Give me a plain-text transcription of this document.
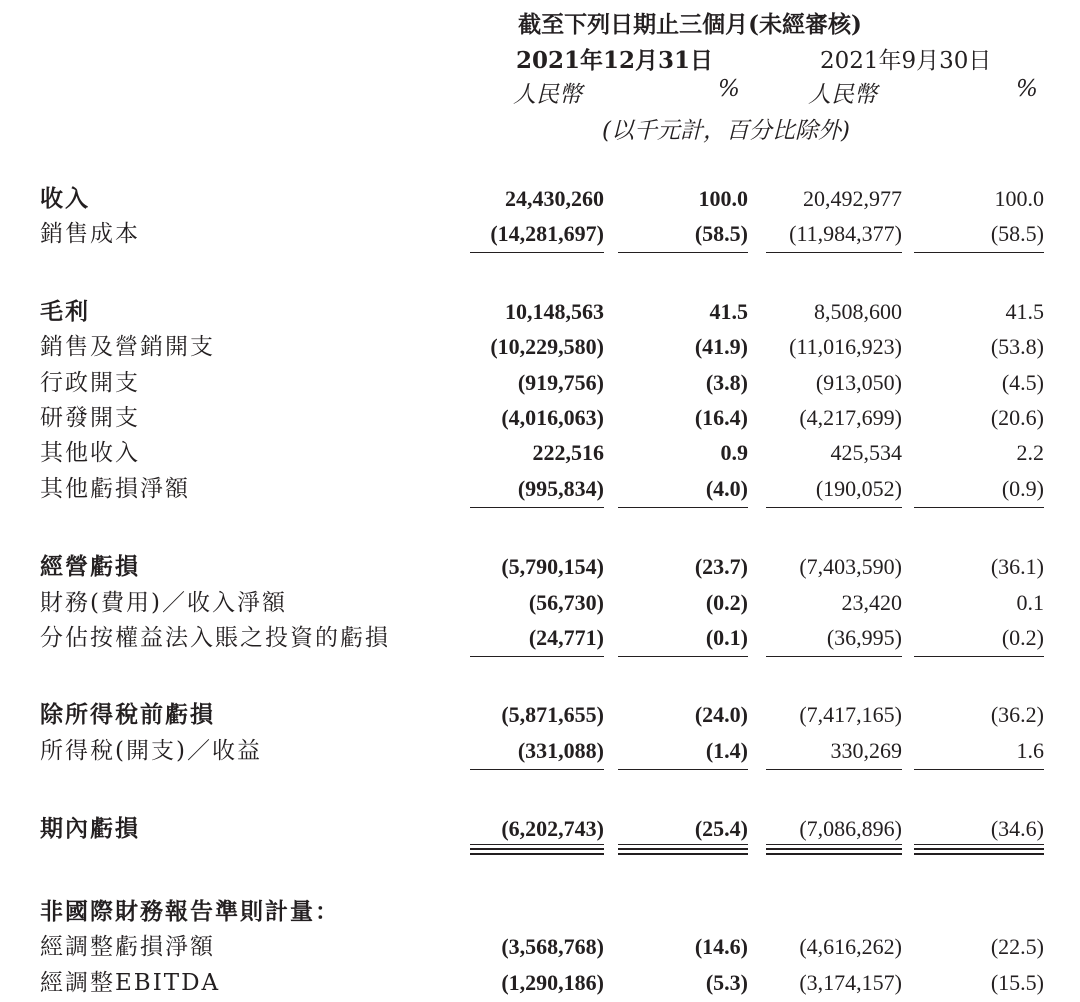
截至下列日期止三個月(未經審核)
2021年12月31日	2021年9月30日
人民幣	%	人民幣	%
(以千元計，百分比除外)
收入	24,430,260	100.0	20,492,977	100.0
銷售成本	(14,281,697)	(58.5)	(11,984,377)	(58.5)
毛利	10,148,563	41.5	8,508,600	41.5
銷售及營銷開支	(10,229,580)	(41.9)	(11,016,923)	(53.8)
行政開支	(919,756)	(3.8)	(913,050)	(4.5)
研發開支	(4,016,063)	(16.4)	(4,217,699)	(20.6)
其他收入	222,516	0.9	425,534	2.2
其他虧損淨額	(995,834)	(4.0)	(190,052)	(0.9)
經營虧損	(5,790,154)	(23.7)	(7,403,590)	(36.1)
財務(費用)／收入淨額	(56,730)	(0.2)	23,420	0.1
分佔按權益法入賬之投資的虧損	(24,771)	(0.1)	(36,995)	(0.2)
除所得稅前虧損	(5,871,655)	(24.0)	(7,417,165)	(36.2)
所得稅(開支)／收益	(331,088)	(1.4)	330,269	1.6
期內虧損	(6,202,743)	(25.4)	(7,086,896)	(34.6)
非國際財務報告準則計量：
經調整虧損淨額	(3,568,768)	(14.6)	(4,616,262)	(22.5)
經調整EBITDA	(1,290,186)	(5.3)	(3,174,157)	(15.5)
